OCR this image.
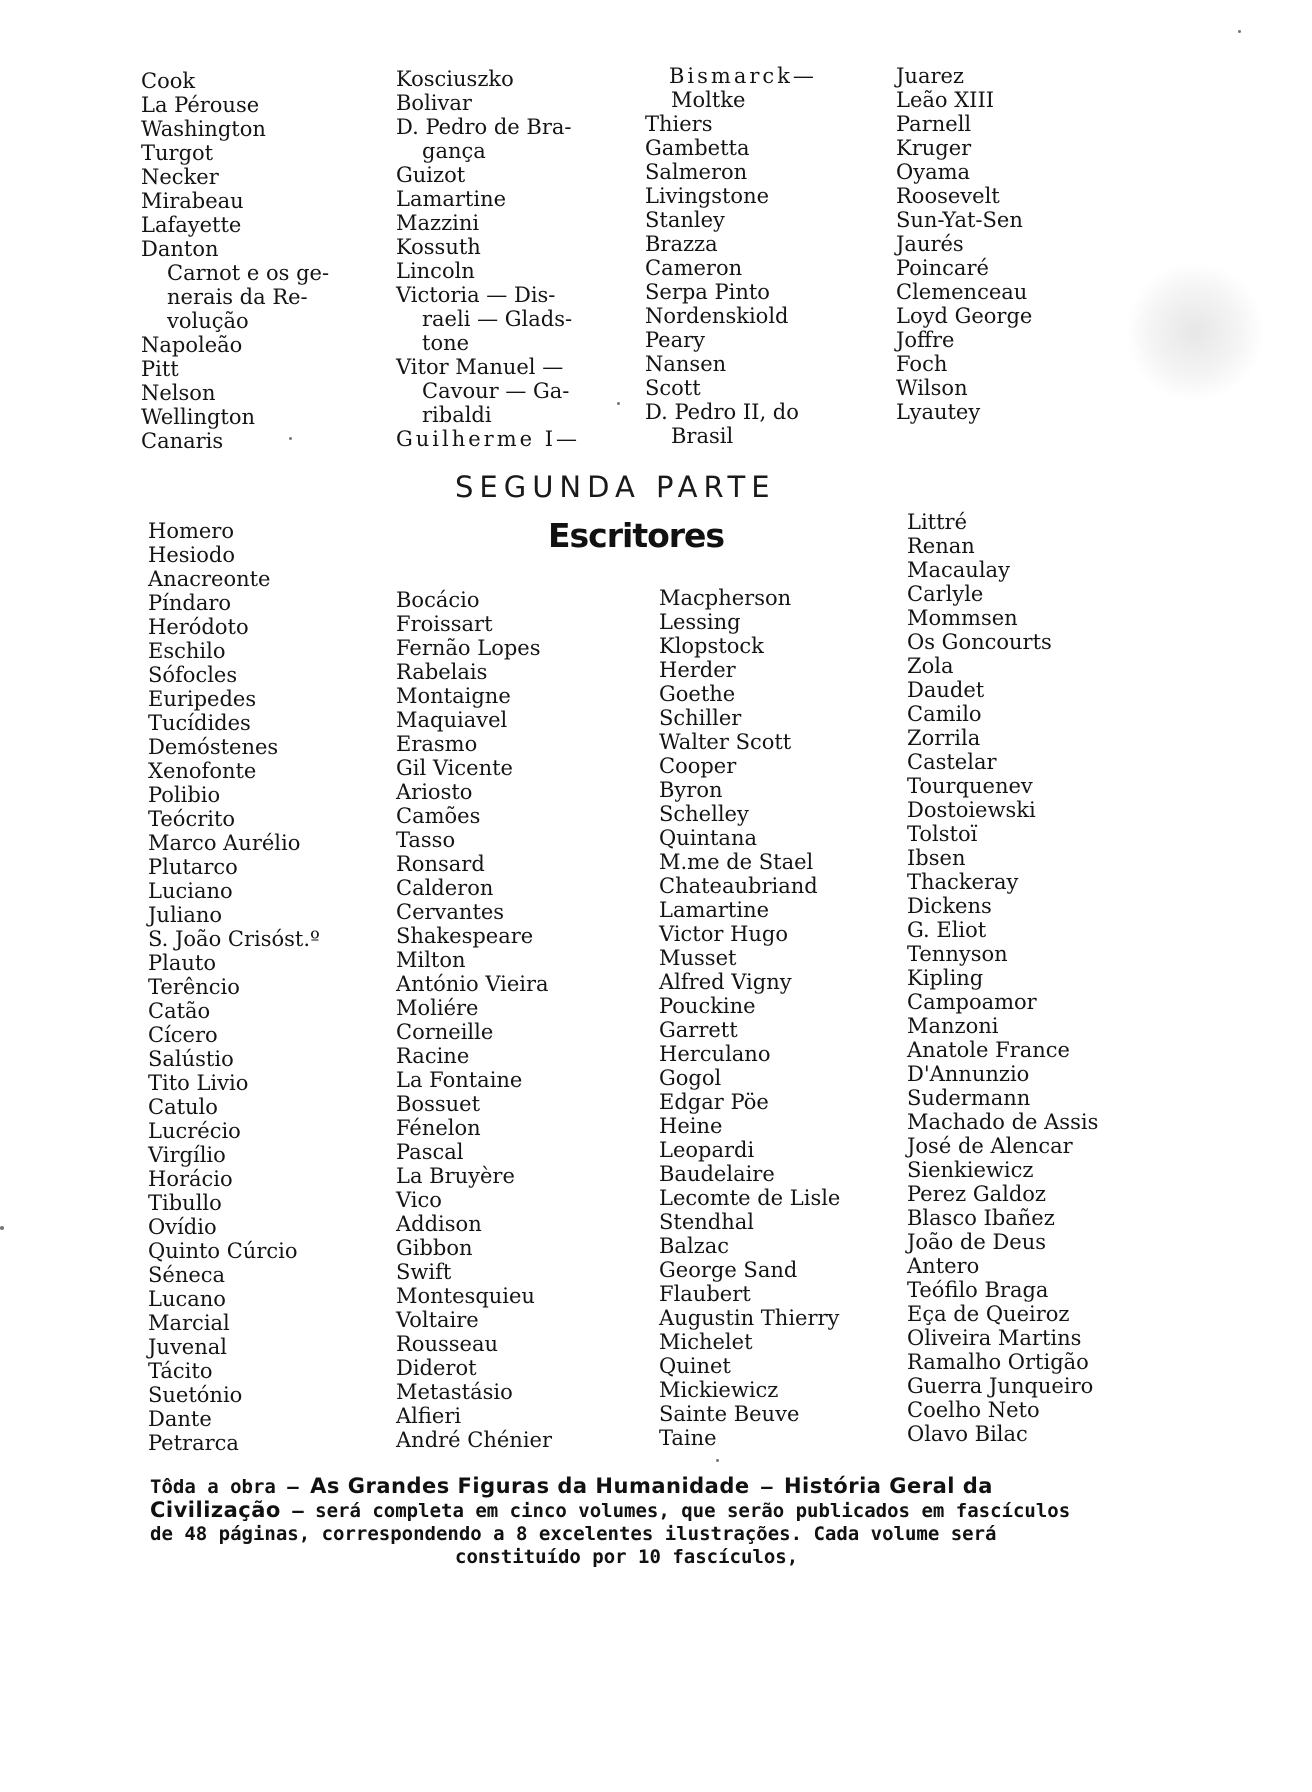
Cook
La Pérouse
Washington
Turgot
Necker
Mirabeau
Lafayette
Danton
Carnot e os ge-
nerais da Re-
volução
Napoleão
Pitt
Nelson
Wellington
Canaris
Kosciuszko
Bolivar
D. Pedro de Bra-
gança
Guizot
Lamartine
Mazzini
Kossuth
Lincoln
Victoria — Dis-
raeli — Glads-
tone
Vitor Manuel —
Cavour — Ga-
ribaldi
Guilherme I—
Bismarck—
Moltke
Thiers
Gambetta
Salmeron
Livingstone
Stanley
Brazza
Cameron
Serpa Pinto
Nordenskiold
Peary
Nansen
Scott
D. Pedro II, do
Brasil
Juarez
Leão XIII
Parnell
Kruger
Oyama
Roosevelt
Sun-Yat-Sen
Jaurés
Poincaré
Clemenceau
Loyd George
Joffre
Foch
Wilson
Lyautey
SEGUNDA PARTE
Escritores
Homero
Hesiodo
Anacreonte
Píndaro
Heródoto
Eschilo
Sófocles
Euripedes
Tucídides
Demóstenes
Xenofonte
Polibio
Teócrito
Marco Aurélio
Plutarco
Luciano
Juliano
S. João Crisóst.º
Plauto
Terêncio
Catão
Cícero
Salústio
Tito Livio
Catulo
Lucrécio
Virgílio
Horácio
Tibullo
Ovídio
Quinto Cúrcio
Séneca
Lucano
Marcial
Juvenal
Tácito
Suetónio
Dante
Petrarca
Bocácio
Froissart
Fernão Lopes
Rabelais
Montaigne
Maquiavel
Erasmo
Gil Vicente
Ariosto
Camões
Tasso
Ronsard
Calderon
Cervantes
Shakespeare
Milton
António Vieira
Moliére
Corneille
Racine
La Fontaine
Bossuet
Fénelon
Pascal
La Bruyère
Vico
Addison
Gibbon
Swift
Montesquieu
Voltaire
Rousseau
Diderot
Metastásio
Alfieri
André Chénier
Macpherson
Lessing
Klopstock
Herder
Goethe
Schiller
Walter Scott
Cooper
Byron
Schelley
Quintana
M.me de Stael
Chateaubriand
Lamartine
Victor Hugo
Musset
Alfred Vigny
Pouckine
Garrett
Herculano
Gogol
Edgar Pöe
Heine
Leopardi
Baudelaire
Lecomte de Lisle
Stendhal
Balzac
George Sand
Flaubert
Augustin Thierry
Michelet
Quinet
Mickiewicz
Sainte Beuve
Taine
Littré
Renan
Macaulay
Carlyle
Mommsen
Os Goncourts
Zola
Daudet
Camilo
Zorrila
Castelar
Tourquenev
Dostoiewski
Tolstoï
Ibsen
Thackeray
Dickens
G. Eliot
Tennyson
Kipling
Campoamor
Manzoni
Anatole France
D'Annunzio
Sudermann
Machado de Assis
José de Alencar
Sienkiewicz
Perez Galdoz
Blasco Ibañez
João de Deus
Antero
Teófilo Braga
Eça de Queiroz
Oliveira Martins
Ramalho Ortigão
Guerra Junqueiro
Coelho Neto
Olavo Bilac
Tôda a obra — As Grandes Figuras da Humanidade — História Geral da
Civilização — será completa em cinco volumes, que serão publicados em fascículos
de 48 páginas, correspondendo a 8 excelentes ilustrações. Cada volume será
constituído por 10 fascículos,
